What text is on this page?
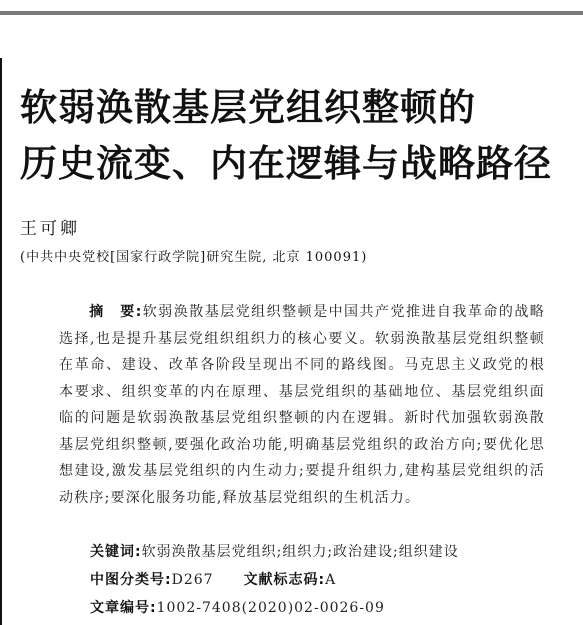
软弱涣散基层党组织整顿的
历史流变、内在逻辑与战略路径
王可卿
(中共中央党校[国家行政学院]研究生院, 北京 100091)
摘　要:软弱涣散基层党组织整顿是中国共产党推进自我革命的战略选择,也是提升基层党组织组织力的核心要义。软弱涣散基层党组织整顿在革命、建设、改革各阶段呈现出不同的路线图。马克思主义政党的根本要求、组织变革的内在原理、基层党组织的基础地位、基层党组织面临的问题是软弱涣散基层党组织整顿的内在逻辑。新时代加强软弱涣散基层党组织整顿,要强化政治功能,明确基层党组织的政治方向;要优化思想建设,激发基层党组织的内生动力;要提升组织力,建构基层党组织的活动秩序;要深化服务功能,释放基层党组织的生机活力。
关键词:软弱涣散基层党组织;组织力;政治建设;组织建设
中图分类号:D267 文献标志码:A
文章编号:1002-7408(2020)02-0026-09
